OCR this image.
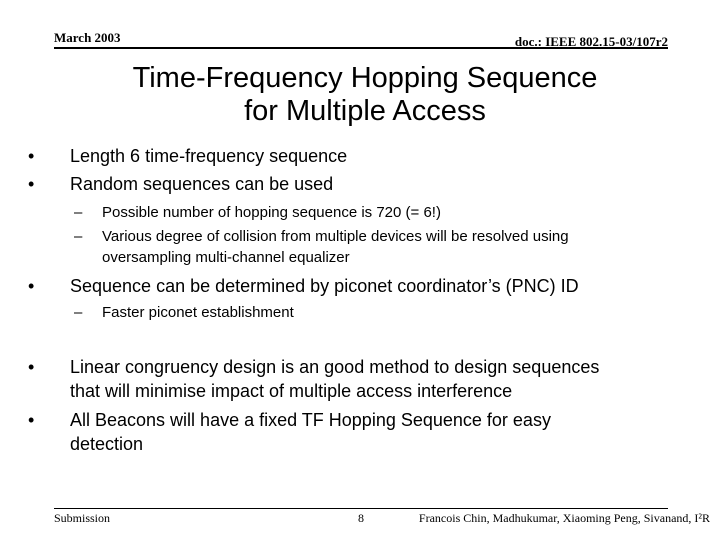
March 2003	doc.: IEEE 802.15-03/107r2
Time-Frequency Hopping Sequence
for Multiple Access
• Length 6 time-frequency sequence
• Random sequences can be used
– Possible number of hopping sequence is 720 (= 6!)
– Various degree of collision from multiple devices will be resolved using
oversampling multi-channel equalizer
• Sequence can be determined by piconet coordinator’s (PNC) ID
– Faster piconet establishment
• Linear congruency design is an good method to design sequences
that will minimise impact of multiple access interference
• All Beacons will have a fixed TF Hopping Sequence for easy
detection
Submission	8	Francois Chin, Madhukumar, Xiaoming Peng, Sivanand, I²R
